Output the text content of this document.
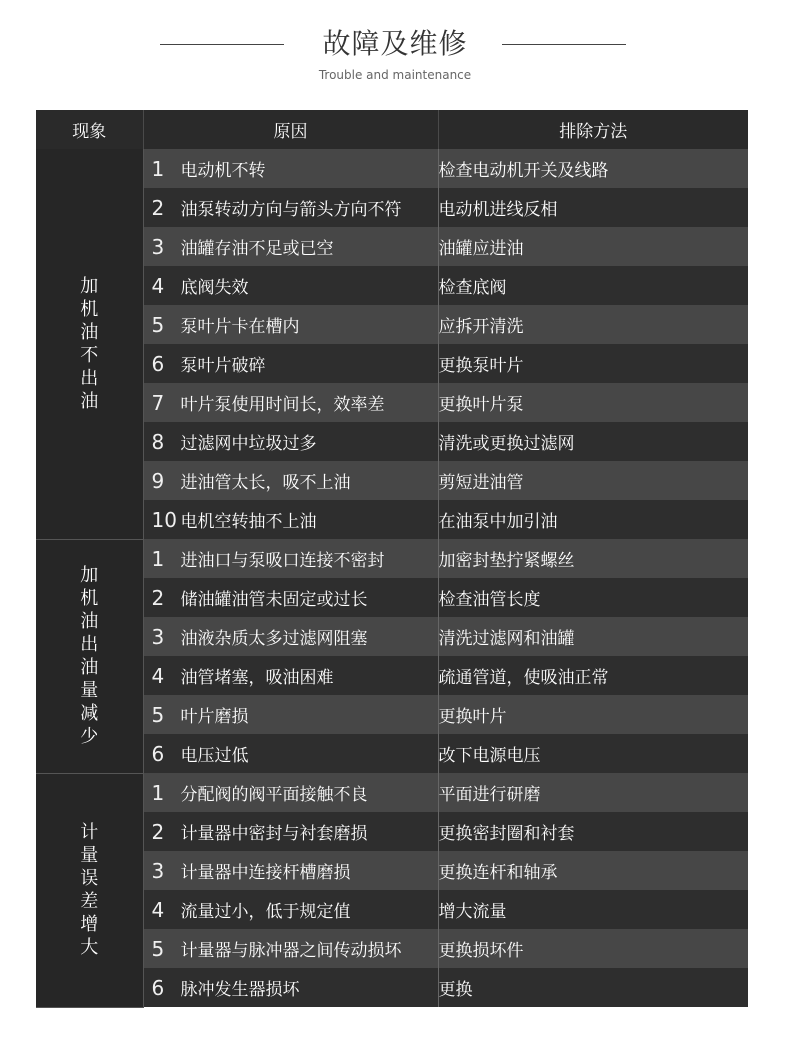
故障及维修
Trouble and maintenance
现象	原因	排除方法
加机油不出油	1 电动机不转	检查电动机开关及线路
	2 油泵转动方向与箭头方向不符	电动机进线反相
	3 油罐存油不足或已空	油罐应进油
	4 底阀失效	检查底阀
	5 泵叶片卡在槽内	应拆开清洗
	6 泵叶片破碎	更换泵叶片
	7 叶片泵使用时间长，效率差	更换叶片泵
	8 过滤网中垃圾过多	清洗或更换过滤网
	9 进油管太长，吸不上油	剪短进油管
	10 电机空转抽不上油	在油泵中加引油
加机油出油量减少	1 进油口与泵吸口连接不密封	加密封垫拧紧螺丝
	2 储油罐油管未固定或过长	检查油管长度
	3 油液杂质太多过滤网阻塞	清洗过滤网和油罐
	4 油管堵塞，吸油困难	疏通管道，使吸油正常
	5 叶片磨损	更换叶片
	6 电压过低	改下电源电压
计量误差增大	1 分配阀的阀平面接触不良	平面进行研磨
	2 计量器中密封与衬套磨损	更换密封圈和衬套
	3 计量器中连接杆槽磨损	更换连杆和轴承
	4 流量过小，低于规定值	增大流量
	5 计量器与脉冲器之间传动损坏	更换损坏件
	6 脉冲发生器损坏	更换
